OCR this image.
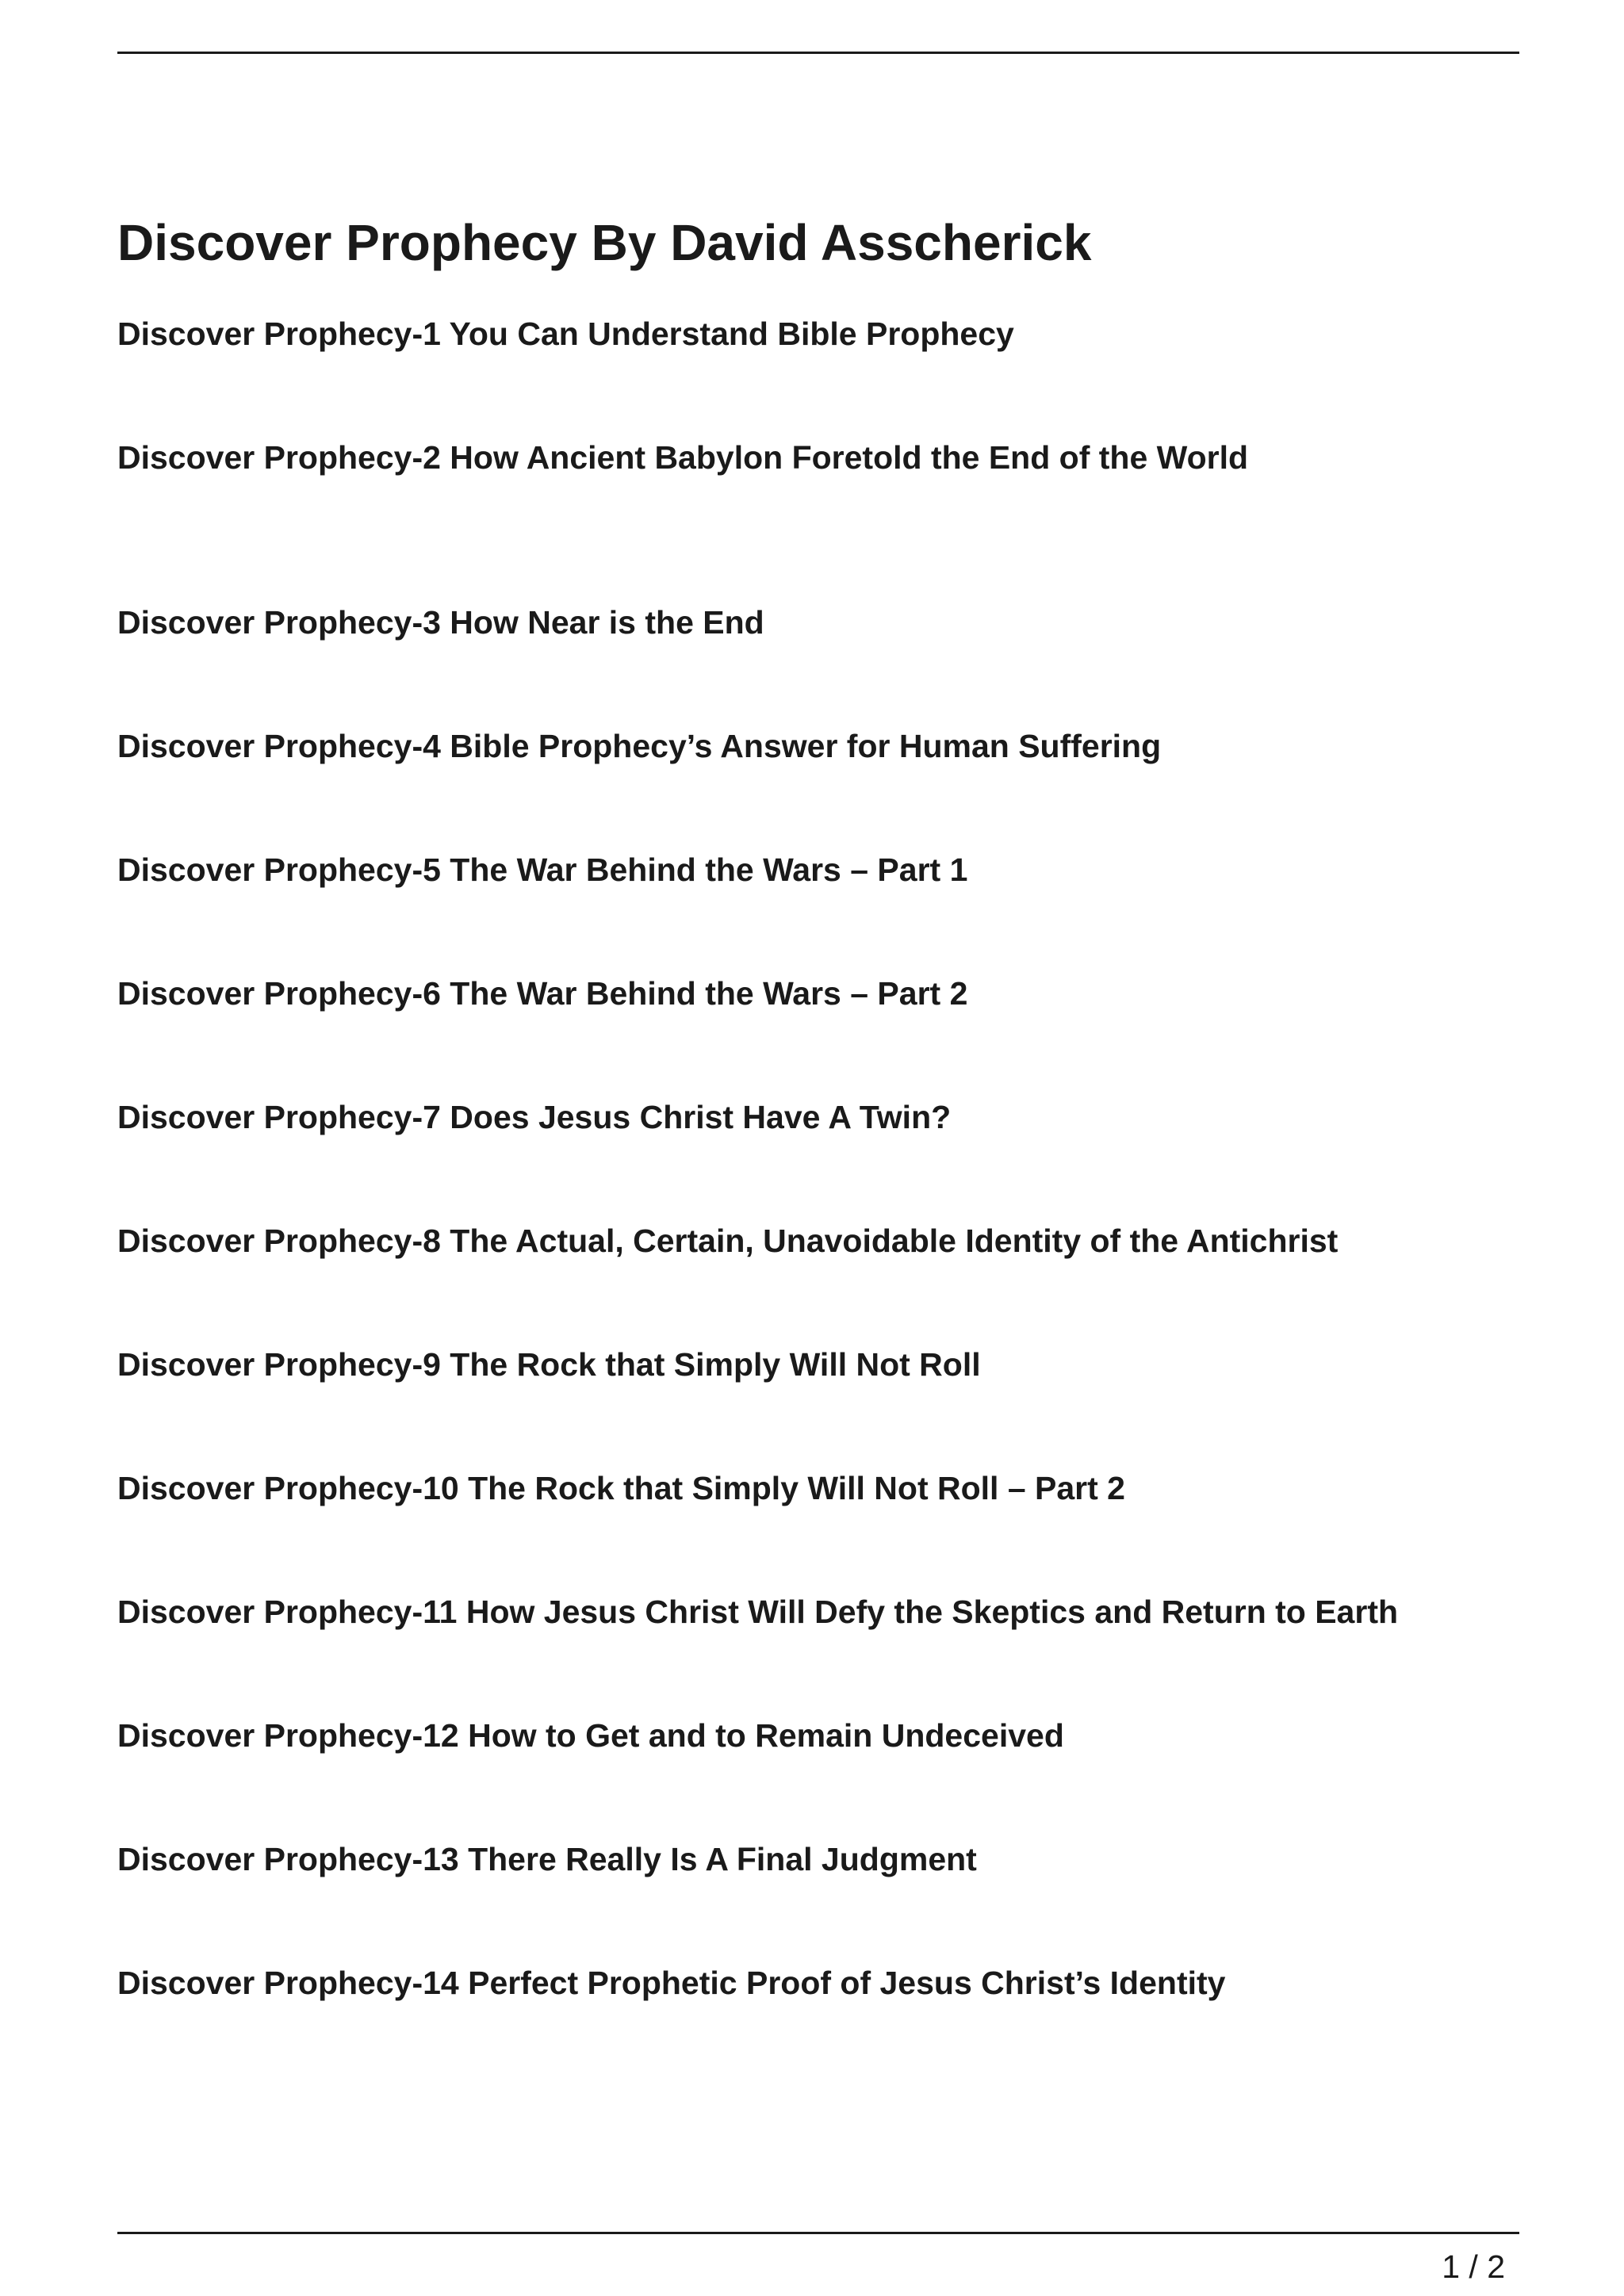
Discover Prophecy By David Asscherick

Discover Prophecy-1 You Can Understand Bible Prophecy

Discover Prophecy-2 How Ancient Babylon Foretold the End of the World

Discover Prophecy-3 How Near is the End

Discover Prophecy-4 Bible Prophecy’s Answer for Human Suffering

Discover Prophecy-5 The War Behind the Wars – Part 1

Discover Prophecy-6 The War Behind the Wars – Part 2

Discover Prophecy-7 Does Jesus Christ Have A Twin?

Discover Prophecy-8 The Actual, Certain, Unavoidable Identity of the Antichrist

Discover Prophecy-9 The Rock that Simply Will Not Roll

Discover Prophecy-10 The Rock that Simply Will Not Roll – Part 2

Discover Prophecy-11 How Jesus Christ Will Defy the Skeptics and Return to Earth

Discover Prophecy-12 How to Get and to Remain Undeceived

Discover Prophecy-13 There Really Is A Final Judgment

Discover Prophecy-14 Perfect Prophetic Proof of Jesus Christ’s Identity

1 / 2
